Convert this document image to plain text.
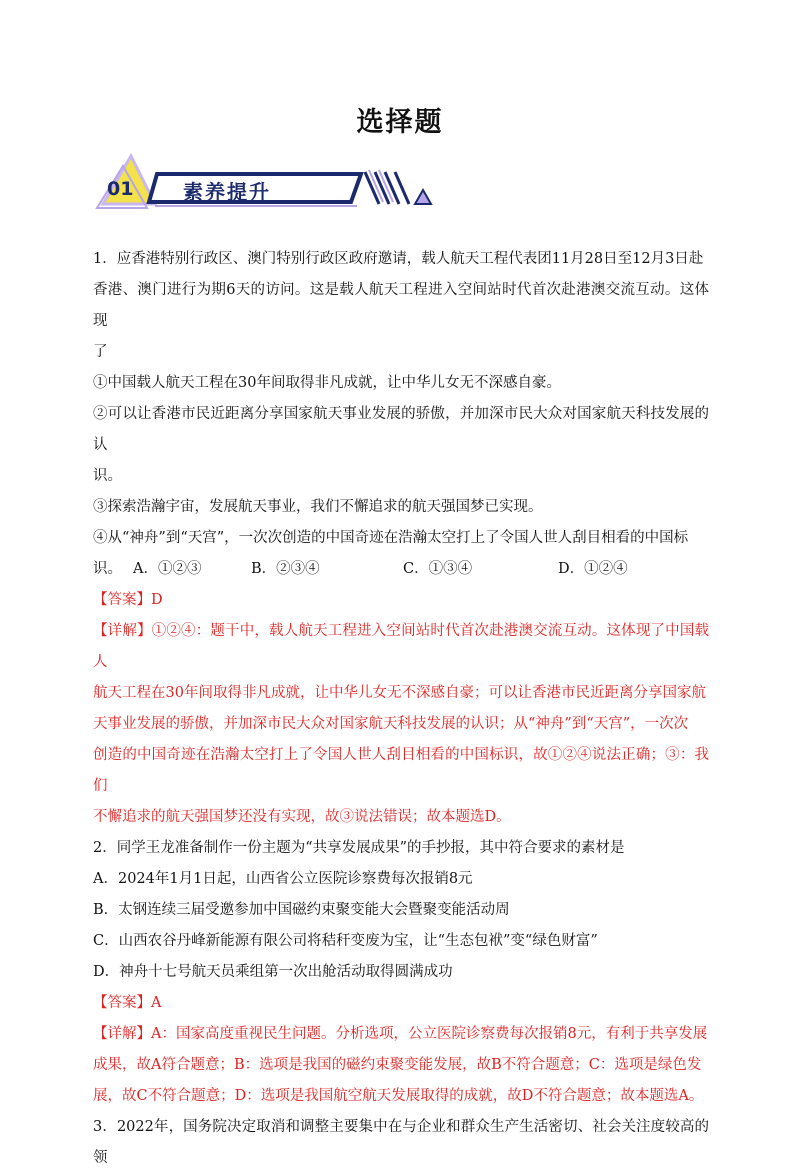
选择题
01 素养提升

1．应香港特别行政区、澳门特别行政区政府邀请，载人航天工程代表团11月28日至12月3日赴

香港、澳门进行为期6天的访问。这是载人航天工程进入空间站时代首次赴港澳交流互动。这体现

了

①中国载人航天工程在30年间取得非凡成就，让中华儿女无不深感自豪。

②可以让香港市民近距离分享国家航天事业发展的骄傲，并加深市民大众对国家航天科技发展的认

识。

③探索浩瀚宇宙，发展航天事业，我们不懈追求的航天强国梦已实现。

④从“神舟”到“天宫”，一次次创造的中国奇迹在浩瀚太空打上了令国人世人刮目相看的中国标

识。 A．①②③	B．②③④	C．①③④	D．①②④

【答案】D

【详解】①②④：题干中，载人航天工程进入空间站时代首次赴港澳交流互动。这体现了中国载人

航天工程在30年间取得非凡成就，让中华儿女无不深感自豪；可以让香港市民近距离分享国家航

天事业发展的骄傲，并加深市民大众对国家航天科技发展的认识；从“神舟”到“天宫”，一次次

创造的中国奇迹在浩瀚太空打上了令国人世人刮目相看的中国标识，故①②④说法正确；③：我们

不懈追求的航天强国梦还没有实现，故③说法错误；故本题选D。

2．同学王龙准备制作一份主题为“共享发展成果”的手抄报，其中符合要求的素材是

A．2024年1月1日起，山西省公立医院诊察费每次报销8元

B．太钢连续三届受邀参加中国磁约束聚变能大会暨聚变能活动周

C．山西农谷丹峰新能源有限公司将秸秆变废为宝，让“生态包袱”变“绿色财富”

D．神舟十七号航天员乘组第一次出舱活动取得圆满成功

【答案】A

【详解】A：国家高度重视民生问题。分析选项，公立医院诊察费每次报销8元，有利于共享发展

成果，故A符合题意；B：选项是我国的磁约束聚变能发展，故B不符合题意；C：选项是绿色发

展，故C不符合题意；D：选项是我国航空航天发展取得的成就，故D不符合题意；故本题选A。

3．2022年，国务院决定取消和调整主要集中在与企业和群众生产生活密切、社会关注度较高的领
